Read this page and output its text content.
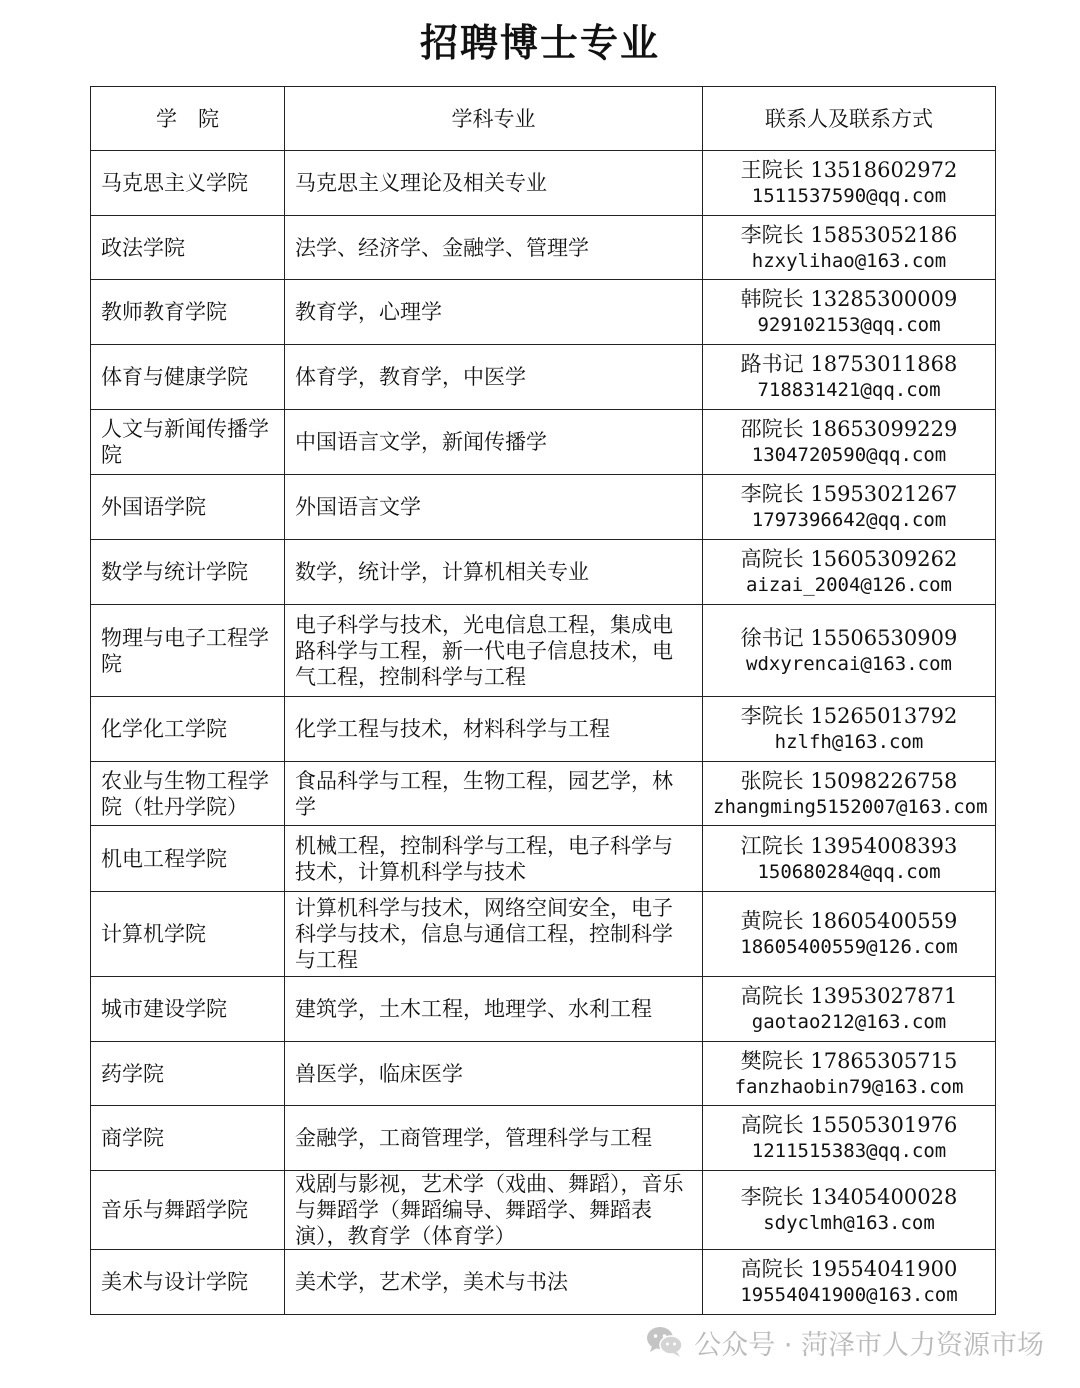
招聘博士专业
学　院	学科专业	联系人及联系方式
马克思主义学院	马克思主义理论及相关专业	王院长 13518602972
1511537590@qq.com

政法学院	法学、经济学、金融学、管理学	李院长 15853052186
hzxylihao@163.com

教师教育学院	教育学，心理学	韩院长 13285300009
929102153@qq.com

体育与健康学院	体育学，教育学，中医学	路书记 18753011868
718831421@qq.com

人文与新闻传播学院	中国语言文学，新闻传播学	邵院长 18653099229
1304720590@qq.com

外国语学院	外国语言文学	李院长 15953021267
1797396642@qq.com

数学与统计学院	数学，统计学，计算机相关专业	高院长 15605309262
aizai_2004@126.com

物理与电子工程学院	电子科学与技术，光电信息工程，集成电路科学与工程，新一代电子信息技术，电气工程，控制科学与工程	徐书记 15506530909
wdxyrencai@163.com

化学化工学院	化学工程与技术，材料科学与工程	李院长 15265013792
hzlfh@163.com

农业与生物工程学院（牡丹学院）	食品科学与工程，生物工程，园艺学，林学	张院长 15098226758
zhangming5152007@163.com

机电工程学院	机械工程，控制科学与工程，电子科学与技术，计算机科学与技术	江院长 13954008393
150680284@qq.com

计算机学院	计算机科学与技术，网络空间安全，电子科学与技术，信息与通信工程，控制科学与工程	黄院长 18605400559
18605400559@126.com

城市建设学院	建筑学，土木工程，地理学、水利工程	高院长 13953027871
gaotao212@163.com

药学院	兽医学，临床医学	樊院长 17865305715
fanzhaobin79@163.com

商学院	金融学，工商管理学，管理科学与工程	高院长 15505301976
1211515383@qq.com

音乐与舞蹈学院	戏剧与影视，艺术学（戏曲、舞蹈），音乐与舞蹈学（舞蹈编导、舞蹈学、舞蹈表演），教育学（体育学）	李院长 13405400028
sdyclmh@163.com

美术与设计学院	美术学，艺术学，美术与书法	高院长 19554041900
19554041900@163.com
公众号 · 菏泽市人力资源市场
